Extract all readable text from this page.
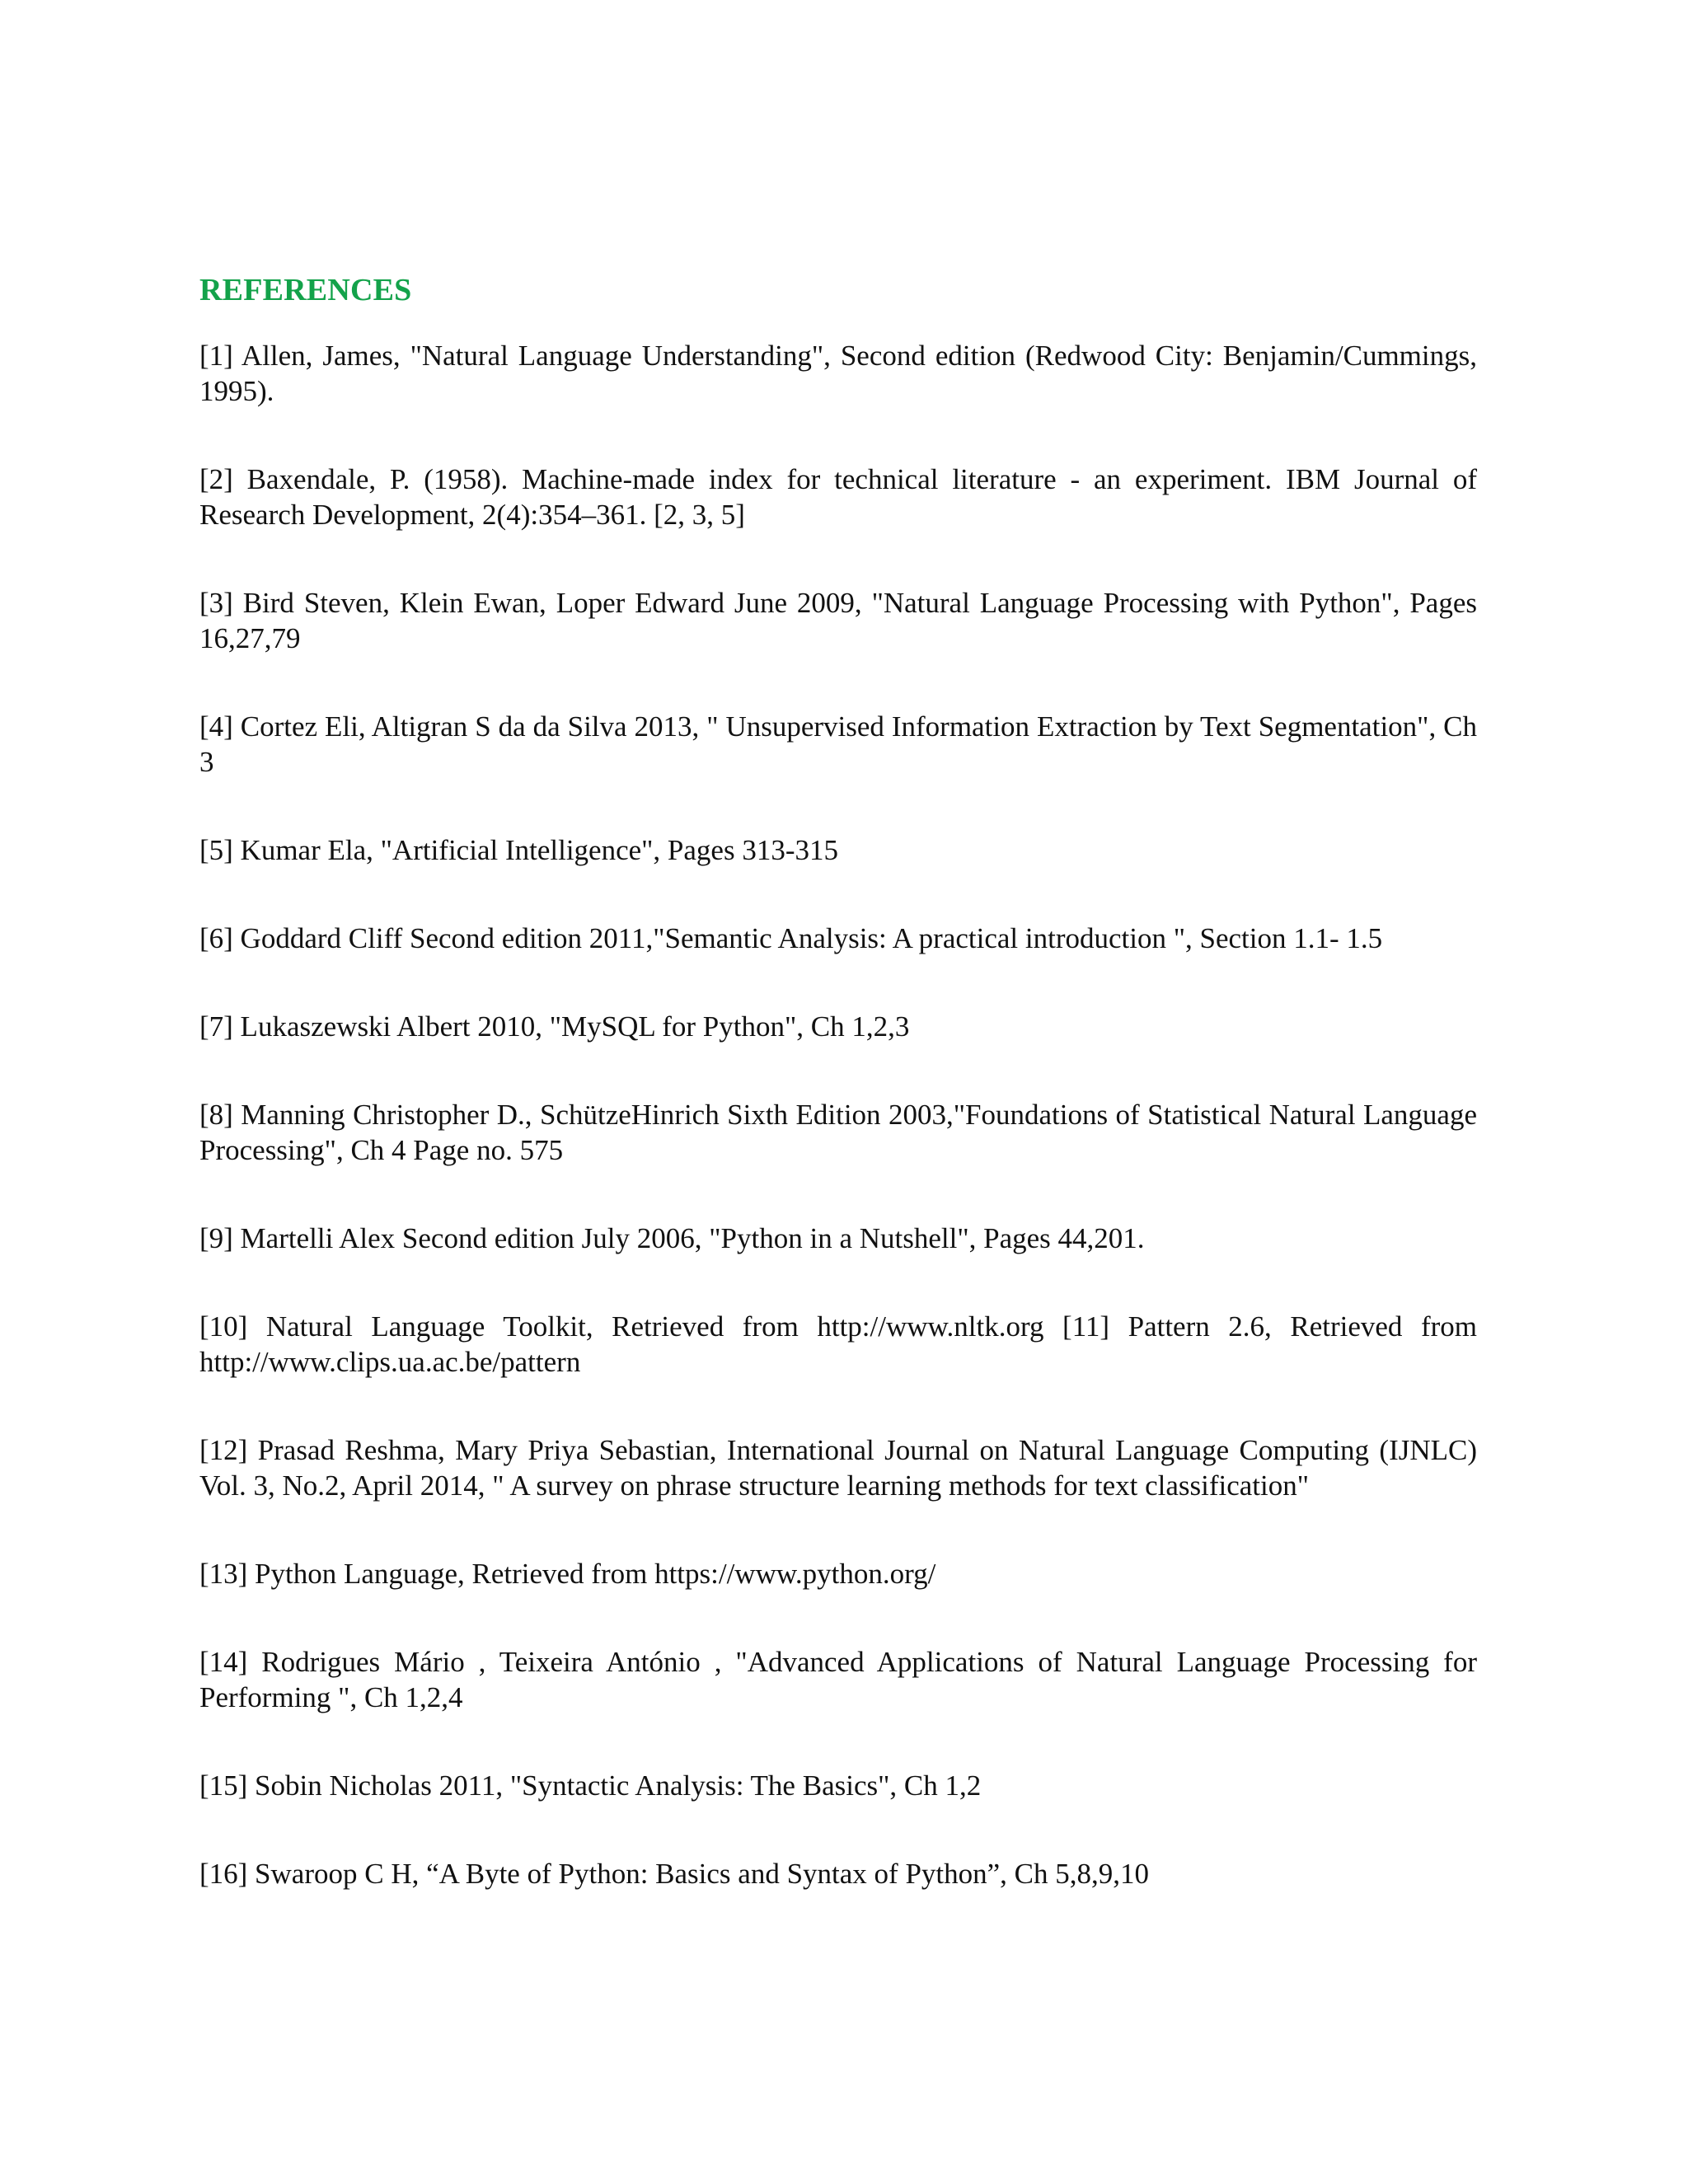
REFERENCES

[1] Allen, James, "Natural Language Understanding", Second edition (Redwood City: Benjamin/Cummings, 1995).

[2] Baxendale, P. (1958). Machine-made index for technical literature - an experiment. IBM Journal of Research Development, 2(4):354–361. [2, 3, 5]

[3] Bird Steven, Klein Ewan, Loper Edward June 2009, "Natural Language Processing with Python", Pages 16,27,79

[4] Cortez Eli, Altigran S da da Silva 2013, " Unsupervised Information Extraction by Text Segmentation", Ch 3

[5] Kumar Ela, "Artificial Intelligence", Pages 313-315

[6] Goddard Cliff Second edition 2011,"Semantic Analysis: A practical introduction ", Section 1.1- 1.5

[7] Lukaszewski Albert 2010, "MySQL for Python", Ch 1,2,3

[8] Manning Christopher D., SchützeHinrich Sixth Edition 2003,"Foundations of Statistical Natural Language Processing", Ch 4 Page no. 575

[9] Martelli Alex Second edition July 2006, "Python in a Nutshell", Pages 44,201.

[10] Natural Language Toolkit, Retrieved from http://www.nltk.org [11] Pattern 2.6, Retrieved from http://www.clips.ua.ac.be/pattern

[12] Prasad Reshma, Mary Priya Sebastian, International Journal on Natural Language Computing (IJNLC) Vol. 3, No.2, April 2014, " A survey on phrase structure learning methods for text classification"

[13] Python Language, Retrieved from https://www.python.org/

[14] Rodrigues Mário , Teixeira António , "Advanced Applications of Natural Language Processing for Performing ", Ch 1,2,4

[15] Sobin Nicholas 2011, "Syntactic Analysis: The Basics", Ch 1,2

[16] Swaroop C H, “A Byte of Python: Basics and Syntax of Python”, Ch 5,8,9,10
